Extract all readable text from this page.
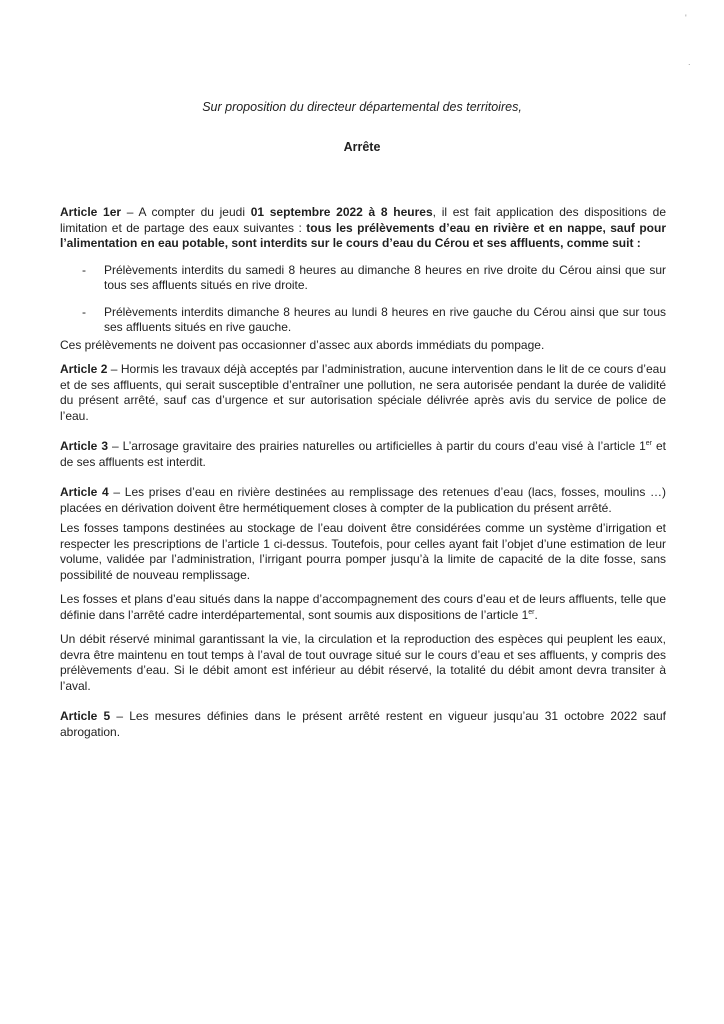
'
.
Sur proposition du directeur départemental des territoires,
Arrête

Article 1er – A compter du jeudi 01 septembre 2022 à 8 heures, il est fait application des dispositions de limitation et de partage des eaux suivantes : tous les prélèvements d’eau en rivière et en nappe, sauf pour l’alimentation en eau potable, sont interdits sur le cours d’eau du Cérou et ses affluents, comme suit :

- Prélèvements interdits du samedi 8 heures au dimanche 8 heures en rive droite du Cérou ainsi que sur tous ses affluents situés en rive droite.
- Prélèvements interdits dimanche 8 heures au lundi 8 heures en rive gauche du Cérou ainsi que sur tous ses affluents situés en rive gauche.

Ces prélèvements ne doivent pas occasionner d’assec aux abords immédiats du pompage.

Article 2 – Hormis les travaux déjà acceptés par l’administration, aucune intervention dans le lit de ce cours d’eau et de ses affluents, qui serait susceptible d’entraîner une pollution, ne sera autorisée pendant la durée de validité du présent arrêté, sauf cas d’urgence et sur autorisation spéciale délivrée après avis du service de police de l’eau.

Article 3 – L’arrosage gravitaire des prairies naturelles ou artificielles à partir du cours d’eau visé à l’article 1er et de ses affluents est interdit.

Article 4 – Les prises d’eau en rivière destinées au remplissage des retenues d’eau (lacs, fosses, moulins …) placées en dérivation doivent être hermétiquement closes à compter de la publication du présent arrêté.

Les fosses tampons destinées au stockage de l’eau doivent être considérées comme un système d’irrigation et respecter les prescriptions de l’article 1 ci-dessus. Toutefois, pour celles ayant fait l’objet d’une estimation de leur volume, validée par l’administration, l’irrigant pourra pomper jusqu’à la limite de capacité de la dite fosse, sans possibilité de nouveau remplissage.

Les fosses et plans d’eau situés dans la nappe d’accompagnement des cours d’eau et de leurs affluents, telle que définie dans l’arrêté cadre interdépartemental, sont soumis aux dispositions de l’article 1er.

Un débit réservé minimal garantissant la vie, la circulation et la reproduction des espèces qui peuplent les eaux, devra être maintenu en tout temps à l’aval de tout ouvrage situé sur le cours d’eau et ses affluents, y compris des prélèvements d’eau. Si le débit amont est inférieur au débit réservé, la totalité du débit amont devra transiter à l’aval.

Article 5 – Les mesures définies dans le présent arrêté restent en vigueur jusqu’au 31 octobre 2022 sauf abrogation.
